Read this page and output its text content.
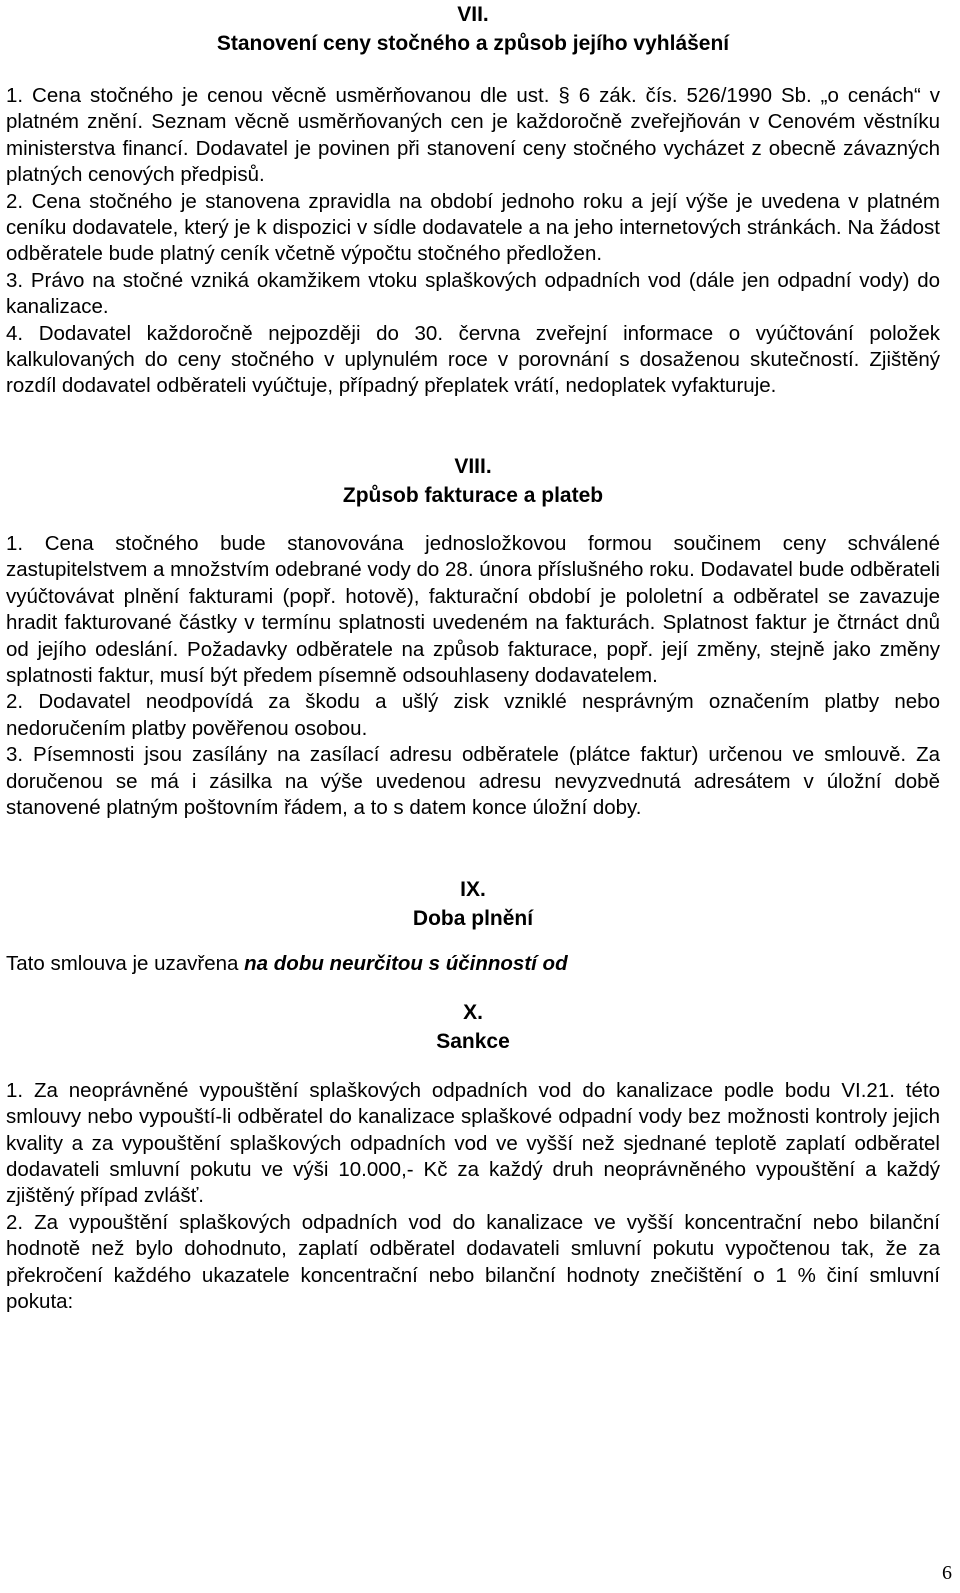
VII.
Stanovení ceny stočného a způsob jejího vyhlášení

1. Cena stočného je cenou věcně usměrňovanou dle ust. § 6 zák. čís. 526/1990 Sb. „o cenách“ v platném znění. Seznam věcně usměrňovaných cen je každoročně zveřejňován v Cenovém věstníku ministerstva financí. Dodavatel je povinen při stanovení ceny stočného vycházet z obecně závazných platných cenových předpisů.

2. Cena stočného je stanovena zpravidla na období jednoho roku a její výše je uvedena v platném ceníku dodavatele, který je k dispozici v sídle dodavatele a na jeho internetových stránkách. Na žádost odběratele bude platný ceník včetně výpočtu stočného předložen.

3. Právo na stočné vzniká okamžikem vtoku splaškových odpadních vod (dále jen odpadní vody) do kanalizace.

4. Dodavatel každoročně nejpozději do 30. června zveřejní informace o vyúčtování položek kalkulovaných do ceny stočného v uplynulém roce v porovnání s dosaženou skutečností. Zjištěný rozdíl dodavatel odběrateli vyúčtuje, případný přeplatek vrátí, nedoplatek vyfakturuje.

VIII.
Způsob fakturace a plateb

1. Cena stočného bude stanovována jednosložkovou formou součinem ceny schválené zastupitelstvem a množstvím odebrané vody do 28. února příslušného roku. Dodavatel bude odběrateli vyúčtovávat plnění fakturami (popř. hotově), fakturační období je pololetní a odběratel se zavazuje hradit fakturované částky v termínu splatnosti uvedeném na fakturách. Splatnost faktur je čtrnáct dnů od jejího odeslání. Požadavky odběratele na způsob fakturace, popř. její změny, stejně jako změny splatnosti faktur, musí být předem písemně odsouhlaseny dodavatelem.

2. Dodavatel neodpovídá za škodu a ušlý zisk vzniklé nesprávným označením platby nebo nedoručením platby pověřenou osobou.

3. Písemnosti jsou zasílány na zasílací adresu odběratele (plátce faktur) určenou ve smlouvě. Za doručenou se má i zásilka na výše uvedenou adresu nevyzvednutá adresátem v úložní době stanovené platným poštovním řádem, a to s datem konce úložní doby.

IX.
Doba plnění

Tato smlouva je uzavřena na dobu neurčitou s účinností od

X.
Sankce

1. Za neoprávněné vypouštění splaškových odpadních vod do kanalizace podle bodu VI.21. této smlouvy nebo vypouští-li odběratel do kanalizace splaškové odpadní vody bez možnosti kontroly jejich kvality a za vypouštění splaškových odpadních vod ve vyšší než sjednané teplotě zaplatí odběratel dodavateli smluvní pokutu ve výši 10.000,- Kč za každý druh neoprávněného vypouštění a každý zjištěný případ zvlášť.

2. Za vypouštění splaškových odpadních vod do kanalizace ve vyšší koncentrační nebo bilanční hodnotě než bylo dohodnuto, zaplatí odběratel dodavateli smluvní pokutu vypočtenou tak, že za překročení každého ukazatele koncentrační nebo bilanční hodnoty znečištění o 1 % činí smluvní pokuta:

6
